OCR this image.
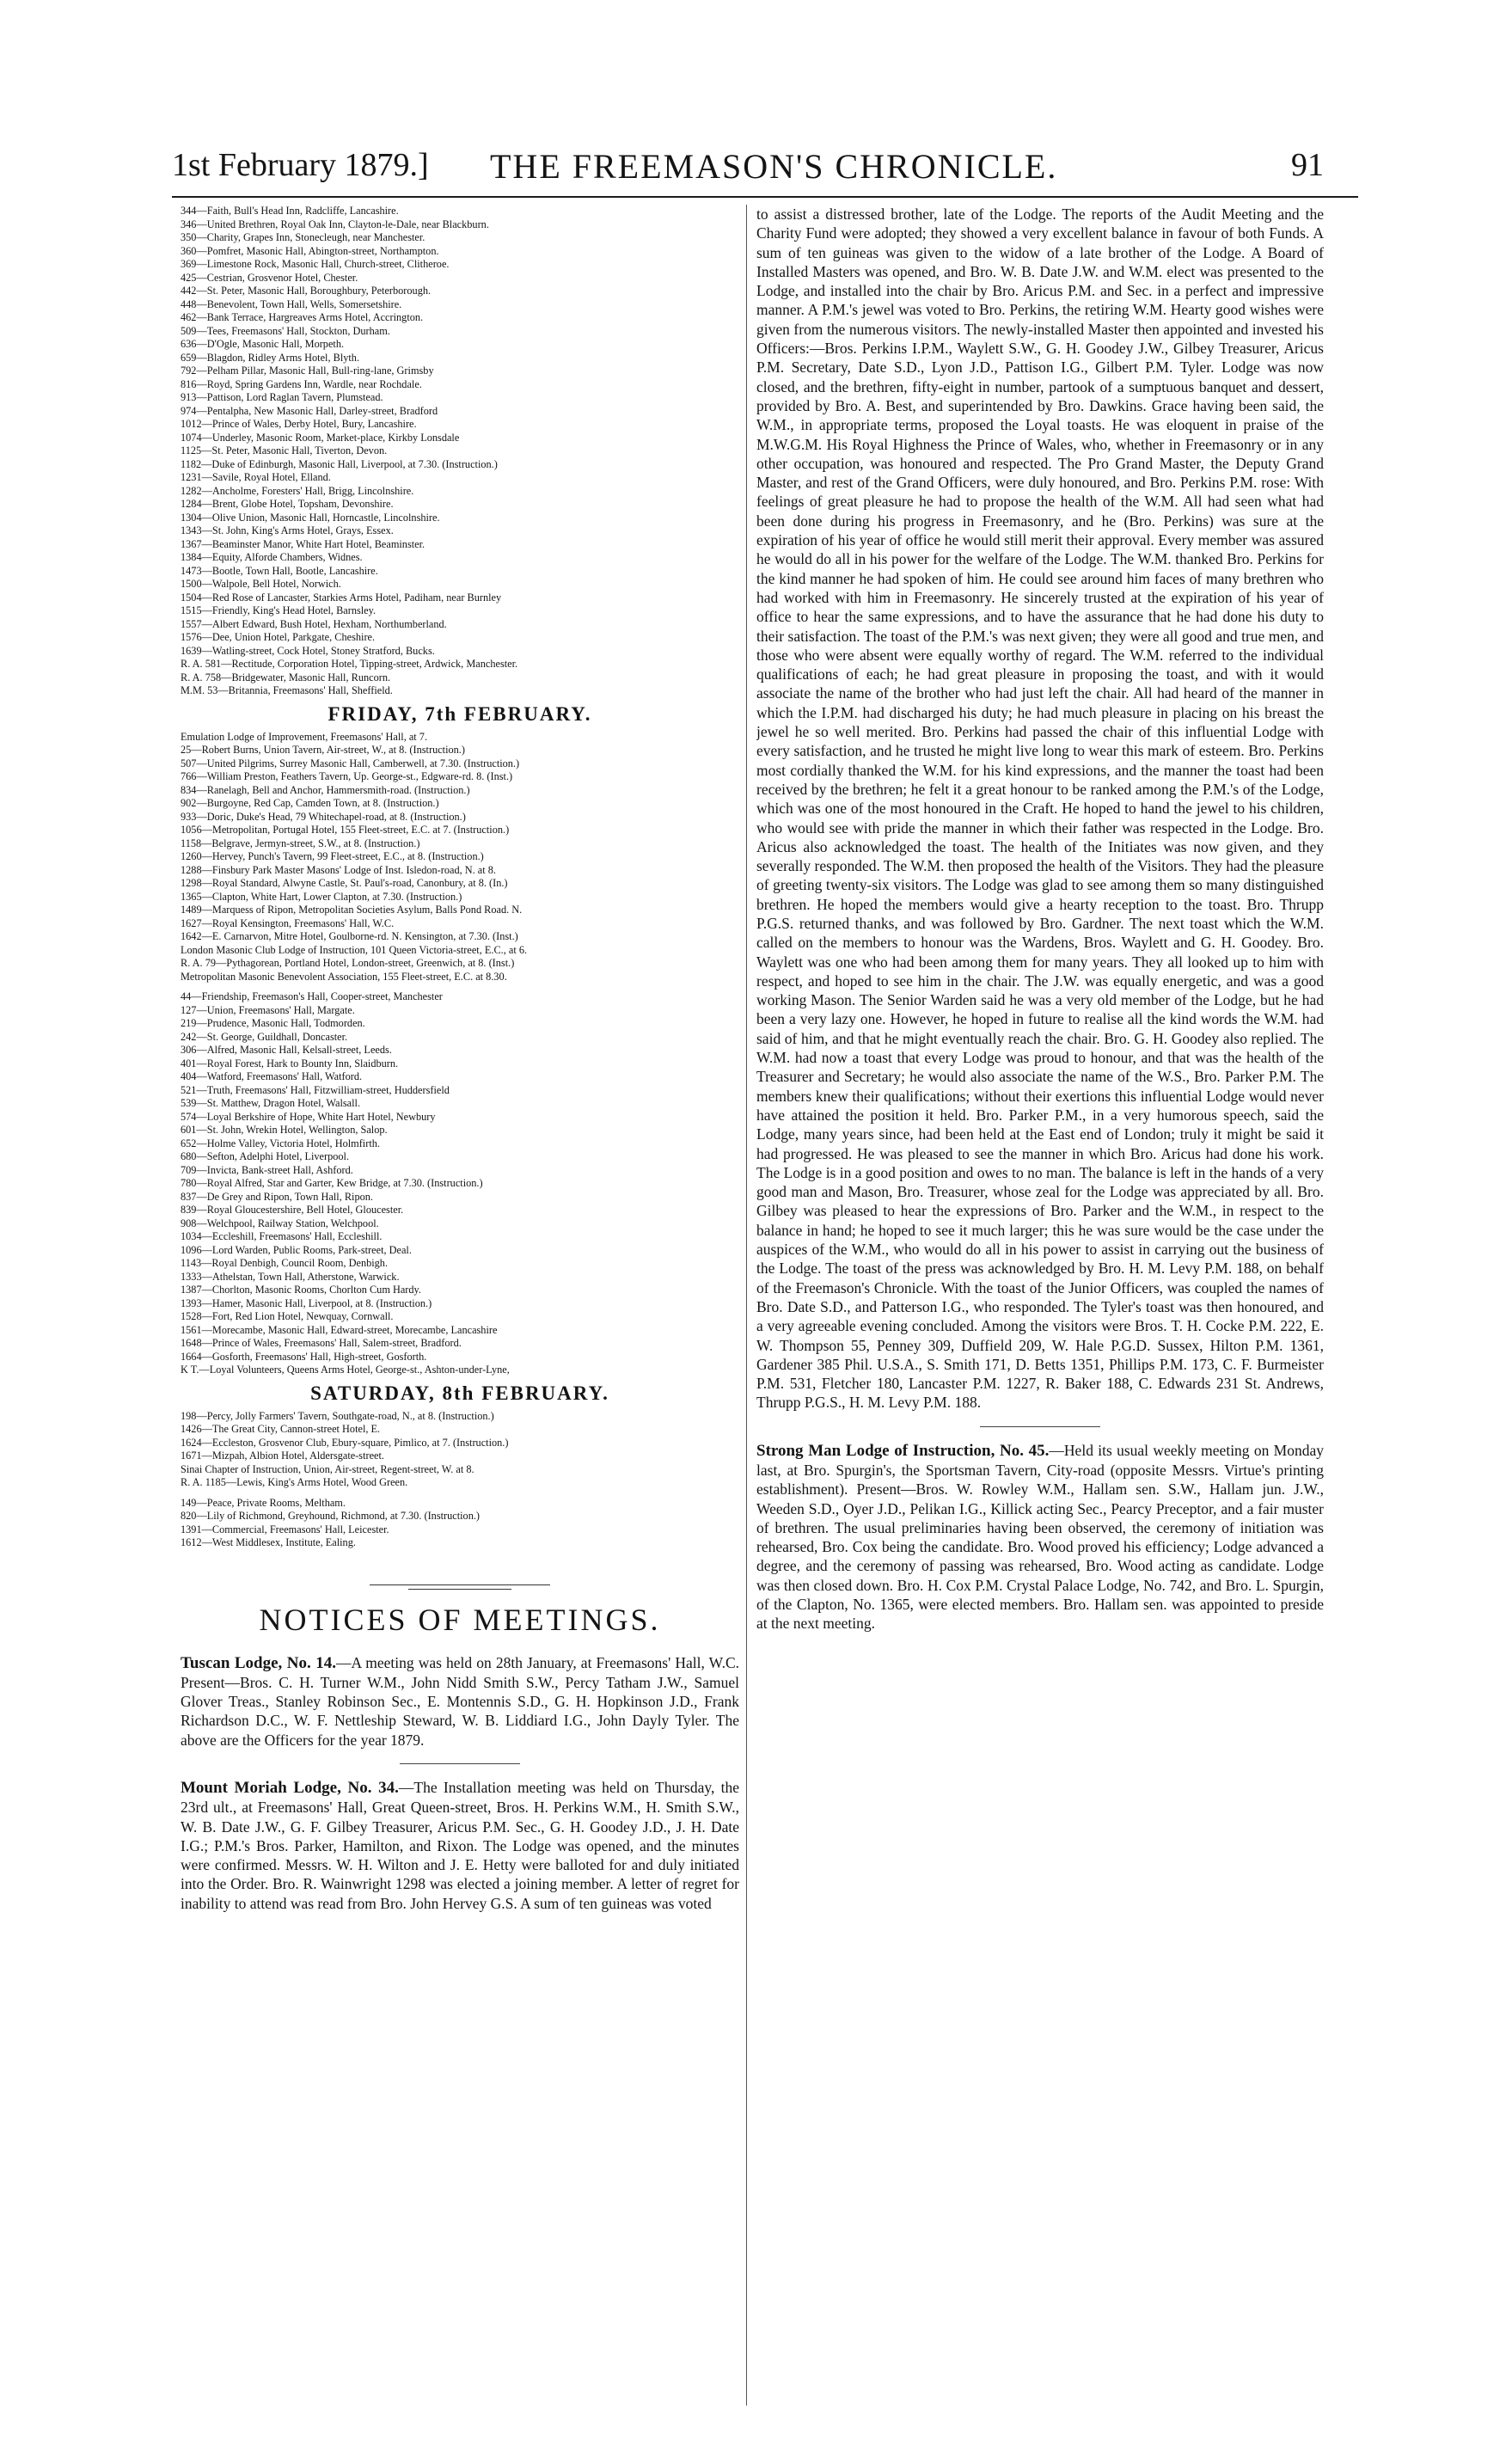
1st February 1879.] THE FREEMASON'S CHRONICLE.	91
344—Faith, Bull's Head Inn, Radcliffe, Lancashire.
346—United Brethren, Royal Oak Inn, Clayton-le-Dale, near Blackburn.
350—Charity, Grapes Inn, Stonecleugh, near Manchester.
360—Pomfret, Masonic Hall, Abington-street, Northampton.
369—Limestone Rock, Masonic Hall, Church-street, Clitheroe.
425—Cestrian, Grosvenor Hotel, Chester.
442—St. Peter, Masonic Hall, Boroughbury, Peterborough.
448—Benevolent, Town Hall, Wells, Somersetshire.
462—Bank Terrace, Hargreaves Arms Hotel, Accrington.
509—Tees, Freemasons' Hall, Stockton, Durham.
636—D'Ogle, Masonic Hall, Morpeth.
659—Blagdon, Ridley Arms Hotel, Blyth.
792—Pelham Pillar, Masonic Hall, Bull-ring-lane, Grimsby
816—Royd, Spring Gardens Inn, Wardle, near Rochdale.
913—Pattison, Lord Raglan Tavern, Plumstead.
974—Pentalpha, New Masonic Hall, Darley-street, Bradford
1012—Prince of Wales, Derby Hotel, Bury, Lancashire.
1074—Underley, Masonic Room, Market-place, Kirkby Lonsdale
1125—St. Peter, Masonic Hall, Tiverton, Devon.
1182—Duke of Edinburgh, Masonic Hall, Liverpool, at 7.30. (Instruction.)
1231—Savile, Royal Hotel, Elland.
1282—Ancholme, Foresters' Hall, Brigg, Lincolnshire.
1284—Brent, Globe Hotel, Topsham, Devonshire.
1304—Olive Union, Masonic Hall, Horncastle, Lincolnshire.
1343—St. John, King's Arms Hotel, Grays, Essex.
1367—Beaminster Manor, White Hart Hotel, Beaminster.
1384—Equity, Alforde Chambers, Widnes.
1473—Bootle, Town Hall, Bootle, Lancashire.
1500—Walpole, Bell Hotel, Norwich.
1504—Red Rose of Lancaster, Starkies Arms Hotel, Padiham, near Burnley
1515—Friendly, King's Head Hotel, Barnsley.
1557—Albert Edward, Bush Hotel, Hexham, Northumberland.
1576—Dee, Union Hotel, Parkgate, Cheshire.
1639—Watling-street, Cock Hotel, Stoney Stratford, Bucks.
R. A. 581—Rectitude, Corporation Hotel, Tipping-street, Ardwick, Manchester.
R. A. 758—Bridgewater, Masonic Hall, Runcorn.
M.M. 53—Britannia, Freemasons' Hall, Sheffield.
FRIDAY, 7th FEBRUARY.
Emulation Lodge of Improvement, Freemasons' Hall, at 7.
25—Robert Burns, Union Tavern, Air-street, W., at 8. (Instruction.)
507—United Pilgrims, Surrey Masonic Hall, Camberwell, at 7.30. (Instruction.)
766—William Preston, Feathers Tavern, Up. George-st., Edgware-rd. 8. (Inst.)
834—Ranelagh, Bell and Anchor, Hammersmith-road. (Instruction.)
902—Burgoyne, Red Cap, Camden Town, at 8. (Instruction.)
933—Doric, Duke's Head, 79 Whitechapel-road, at 8. (Instruction.)
1056—Metropolitan, Portugal Hotel, 155 Fleet-street, E.C. at 7. (Instruction.)
1158—Belgrave, Jermyn-street, S.W., at 8. (Instruction.)
1260—Hervey, Punch's Tavern, 99 Fleet-street, E.C., at 8. (Instruction.)
1288—Finsbury Park Master Masons' Lodge of Inst. Isledon-road, N. at 8.
1298—Royal Standard, Alwyne Castle, St. Paul's-road, Canonbury, at 8. (In.)
1365—Clapton, White Hart, Lower Clapton, at 7.30. (Instruction.)
1489—Marquess of Ripon, Metropolitan Societies Asylum, Balls Pond Road. N.
1627—Royal Kensington, Freemasons' Hall, W.C.
1642—E. Carnarvon, Mitre Hotel, Goulborne-rd. N. Kensington, at 7.30. (Inst.)
London Masonic Club Lodge of Instruction, 101 Queen Victoria-street, E.C., at 6.
R. A. 79—Pythagorean, Portland Hotel, London-street, Greenwich, at 8. (Inst.)
Metropolitan Masonic Benevolent Association, 155 Fleet-street, E.C. at 8.30.
44—Friendship, Freemason's Hall, Cooper-street, Manchester
127—Union, Freemasons' Hall, Margate.
219—Prudence, Masonic Hall, Todmorden.
242—St. George, Guildhall, Doncaster.
306—Alfred, Masonic Hall, Kelsall-street, Leeds.
401—Royal Forest, Hark to Bounty Inn, Slaidburn.
404—Watford, Freemasons' Hall, Watford.
521—Truth, Freemasons' Hall, Fitzwilliam-street, Huddersfield
539—St. Matthew, Dragon Hotel, Walsall.
574—Loyal Berkshire of Hope, White Hart Hotel, Newbury
601—St. John, Wrekin Hotel, Wellington, Salop.
652—Holme Valley, Victoria Hotel, Holmfirth.
680—Sefton, Adelphi Hotel, Liverpool.
709—Invicta, Bank-street Hall, Ashford.
780—Royal Alfred, Star and Garter, Kew Bridge, at 7.30. (Instruction.)
837—De Grey and Ripon, Town Hall, Ripon.
839—Royal Gloucestershire, Bell Hotel, Gloucester.
908—Welchpool, Railway Station, Welchpool.
1034—Eccleshill, Freemasons' Hall, Eccleshill.
1096—Lord Warden, Public Rooms, Park-street, Deal.
1143—Royal Denbigh, Council Room, Denbigh.
1333—Athelstan, Town Hall, Atherstone, Warwick.
1387—Chorlton, Masonic Rooms, Chorlton Cum Hardy.
1393—Hamer, Masonic Hall, Liverpool, at 8. (Instruction.)
1528—Fort, Red Lion Hotel, Newquay, Cornwall.
1561—Morecambe, Masonic Hall, Edward-street, Morecambe, Lancashire
1648—Prince of Wales, Freemasons' Hall, Salem-street, Bradford.
1664—Gosforth, Freemasons' Hall, High-street, Gosforth.
K T.—Loyal Volunteers, Queens Arms Hotel, George-st., Ashton-under-Lyne,
SATURDAY, 8th FEBRUARY.
198—Percy, Jolly Farmers' Tavern, Southgate-road, N., at 8. (Instruction.)
1426—The Great City, Cannon-street Hotel, E.
1624—Eccleston, Grosvenor Club, Ebury-square, Pimlico, at 7. (Instruction.)
1671—Mizpah, Albion Hotel, Aldersgate-street.
Sinai Chapter of Instruction, Union, Air-street, Regent-street, W. at 8.
R. A. 1185—Lewis, King's Arms Hotel, Wood Green.
149—Peace, Private Rooms, Meltham.
820—Lily of Richmond, Greyhound, Richmond, at 7.30. (Instruction.)
1391—Commercial, Freemasons' Hall, Leicester.
1612—West Middlesex, Institute, Ealing.
NOTICES OF MEETINGS.

Tuscan Lodge, No. 14.—A meeting was held on 28th January, at Freemasons' Hall, W.C. Present—Bros. C. H. Turner W.M., John Nidd Smith S.W., Percy Tatham J.W., Samuel Glover Treas., Stanley Robinson Sec., E. Montennis S.D., G. H. Hopkinson J.D., Frank Richardson D.C., W. F. Nettleship Steward, W. B. Liddiard I.G., John Dayly Tyler. The above are the Officers for the year 1879.

Mount Moriah Lodge, No. 34.—The Installation meeting was held on Thursday, the 23rd ult., at Freemasons' Hall, Great Queen-street, Bros. H. Perkins W.M., H. Smith S.W., W. B. Date J.W., G. F. Gilbey Treasurer, Aricus P.M. Sec., G. H. Goodey J.D., J. H. Date I.G.; P.M.'s Bros. Parker, Hamilton, and Rixon. The Lodge was opened, and the minutes were confirmed. Messrs. W. H. Wilton and J. E. Hetty were balloted for and duly initiated into the Order. Bro. R. Wainwright 1298 was elected a joining member. A letter of regret for inability to attend was read from Bro. John Hervey G.S. A sum of ten guineas was voted

to assist a distressed brother, late of the Lodge. The reports of the Audit Meeting and the Charity Fund were adopted; they showed a very excellent balance in favour of both Funds. A sum of ten guineas was given to the widow of a late brother of the Lodge. A Board of Installed Masters was opened, and Bro. W. B. Date J.W. and W.M. elect was presented to the Lodge, and installed into the chair by Bro. Aricus P.M. and Sec. in a perfect and impressive manner. A P.M.'s jewel was voted to Bro. Perkins, the retiring W.M. Hearty good wishes were given from the numerous visitors. The newly-installed Master then appointed and invested his Officers:—Bros. Perkins I.P.M., Waylett S.W., G. H. Goodey J.W., Gilbey Treasurer, Aricus P.M. Secretary, Date S.D., Lyon J.D., Pattison I.G., Gilbert P.M. Tyler. Lodge was now closed, and the brethren, fifty-eight in number, partook of a sumptuous banquet and dessert, provided by Bro. A. Best, and superintended by Bro. Dawkins. Grace having been said, the W.M., in appropriate terms, proposed the Loyal toasts. He was eloquent in praise of the M.W.G.M. His Royal Highness the Prince of Wales, who, whether in Freemasonry or in any other occupation, was honoured and respected. The Pro Grand Master, the Deputy Grand Master, and rest of the Grand Officers, were duly honoured, and Bro. Perkins P.M. rose: With feelings of great pleasure he had to propose the health of the W.M. All had seen what had been done during his progress in Freemasonry, and he (Bro. Perkins) was sure at the expiration of his year of office he would still merit their approval. Every member was assured he would do all in his power for the welfare of the Lodge. The W.M. thanked Bro. Perkins for the kind manner he had spoken of him. He could see around him faces of many brethren who had worked with him in Freemasonry. He sincerely trusted at the expiration of his year of office to hear the same expressions, and to have the assurance that he had done his duty to their satisfaction. The toast of the P.M.'s was next given; they were all good and true men, and those who were absent were equally worthy of regard. The W.M. referred to the individual qualifications of each; he had great pleasure in proposing the toast, and with it would associate the name of the brother who had just left the chair. All had heard of the manner in which the I.P.M. had discharged his duty; he had much pleasure in placing on his breast the jewel he so well merited. Bro. Perkins had passed the chair of this influential Lodge with every satisfaction, and he trusted he might live long to wear this mark of esteem. Bro. Perkins most cordially thanked the W.M. for his kind expressions, and the manner the toast had been received by the brethren; he felt it a great honour to be ranked among the P.M.'s of the Lodge, which was one of the most honoured in the Craft. He hoped to hand the jewel to his children, who would see with pride the manner in which their father was respected in the Lodge. Bro. Aricus also acknowledged the toast. The health of the Initiates was now given, and they severally responded. The W.M. then proposed the health of the Visitors. They had the pleasure of greeting twenty-six visitors. The Lodge was glad to see among them so many distinguished brethren. He hoped the members would give a hearty reception to the toast. Bro. Thrupp P.G.S. returned thanks, and was followed by Bro. Gardner. The next toast which the W.M. called on the members to honour was the Wardens, Bros. Waylett and G. H. Goodey. Bro. Waylett was one who had been among them for many years. They all looked up to him with respect, and hoped to see him in the chair. The J.W. was equally energetic, and was a good working Mason. The Senior Warden said he was a very old member of the Lodge, but he had been a very lazy one. However, he hoped in future to realise all the kind words the W.M. had said of him, and that he might eventually reach the chair. Bro. G. H. Goodey also replied. The W.M. had now a toast that every Lodge was proud to honour, and that was the health of the Treasurer and Secretary; he would also associate the name of the W.S., Bro. Parker P.M. The members knew their qualifications; without their exertions this influential Lodge would never have attained the position it held. Bro. Parker P.M., in a very humorous speech, said the Lodge, many years since, had been held at the East end of London; truly it might be said it had progressed. He was pleased to see the manner in which Bro. Aricus had done his work. The Lodge is in a good position and owes to no man. The balance is left in the hands of a very good man and Mason, Bro. Treasurer, whose zeal for the Lodge was appreciated by all. Bro. Gilbey was pleased to hear the expressions of Bro. Parker and the W.M., in respect to the balance in hand; he hoped to see it much larger; this he was sure would be the case under the auspices of the W.M., who would do all in his power to assist in carrying out the business of the Lodge. The toast of the press was acknowledged by Bro. H. M. Levy P.M. 188, on behalf of the Freemason's Chronicle. With the toast of the Junior Officers, was coupled the names of Bro. Date S.D., and Patterson I.G., who responded. The Tyler's toast was then honoured, and a very agreeable evening concluded. Among the visitors were Bros. T. H. Cocke P.M. 222, E. W. Thompson 55, Penney 309, Duffield 209, W. Hale P.G.D. Sussex, Hilton P.M. 1361, Gardener 385 Phil. U.S.A., S. Smith 171, D. Betts 1351, Phillips P.M. 173, C. F. Burmeister P.M. 531, Fletcher 180, Lancaster P.M. 1227, R. Baker 188, C. Edwards 231 St. Andrews, Thrupp P.G.S., H. M. Levy P.M. 188.

Strong Man Lodge of Instruction, No. 45.—Held its usual weekly meeting on Monday last, at Bro. Spurgin's, the Sportsman Tavern, City-road (opposite Messrs. Virtue's printing establishment). Present—Bros. W. Rowley W.M., Hallam sen. S.W., Hallam jun. J.W., Weeden S.D., Oyer J.D., Pelikan I.G., Killick acting Sec., Pearcy Preceptor, and a fair muster of brethren. The usual preliminaries having been observed, the ceremony of initiation was rehearsed, Bro. Cox being the candidate. Bro. Wood proved his efficiency; Lodge advanced a degree, and the ceremony of passing was rehearsed, Bro. Wood acting as candidate. Lodge was then closed down. Bro. H. Cox P.M. Crystal Palace Lodge, No. 742, and Bro. L. Spurgin, of the Clapton, No. 1365, were elected members. Bro. Hallam sen. was appointed to preside at the next meeting.
